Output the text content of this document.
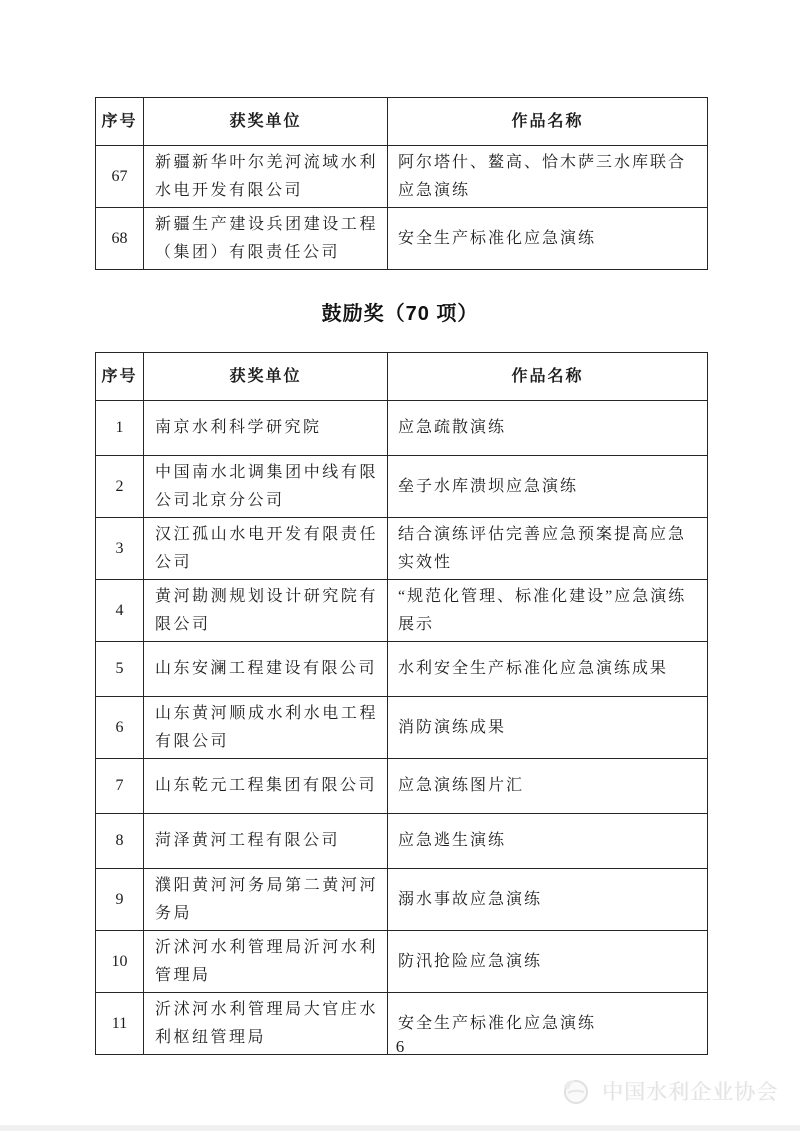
序号	获奖单位	作品名称
67	新疆新华叶尔羌河流域水利水电开发有限公司	阿尔塔什、鳌高、恰木萨三水库联合应急演练
68	新疆生产建设兵团建设工程（集团）有限责任公司	安全生产标准化应急演练
鼓励奖（70 项）
序号	获奖单位	作品名称
1	南京水利科学研究院	应急疏散演练
2	中国南水北调集团中线有限公司北京分公司	垒子水库溃坝应急演练
3	汉江孤山水电开发有限责任公司	结合演练评估完善应急预案提高应急实效性
4	黄河勘测规划设计研究院有限公司	“规范化管理、标准化建设”应急演练展示
5	山东安澜工程建设有限公司	水利安全生产标准化应急演练成果
6	山东黄河顺成水利水电工程有限公司	消防演练成果
7	山东乾元工程集团有限公司	应急演练图片汇
8	菏泽黄河工程有限公司	应急逃生演练
9	濮阳黄河河务局第二黄河河务局	溺水事故应急演练
10	沂沭河水利管理局沂河水利管理局	防汛抢险应急演练
11	沂沭河水利管理局大官庄水利枢纽管理局	安全生产标准化应急演练
6
中国水利企业协会
